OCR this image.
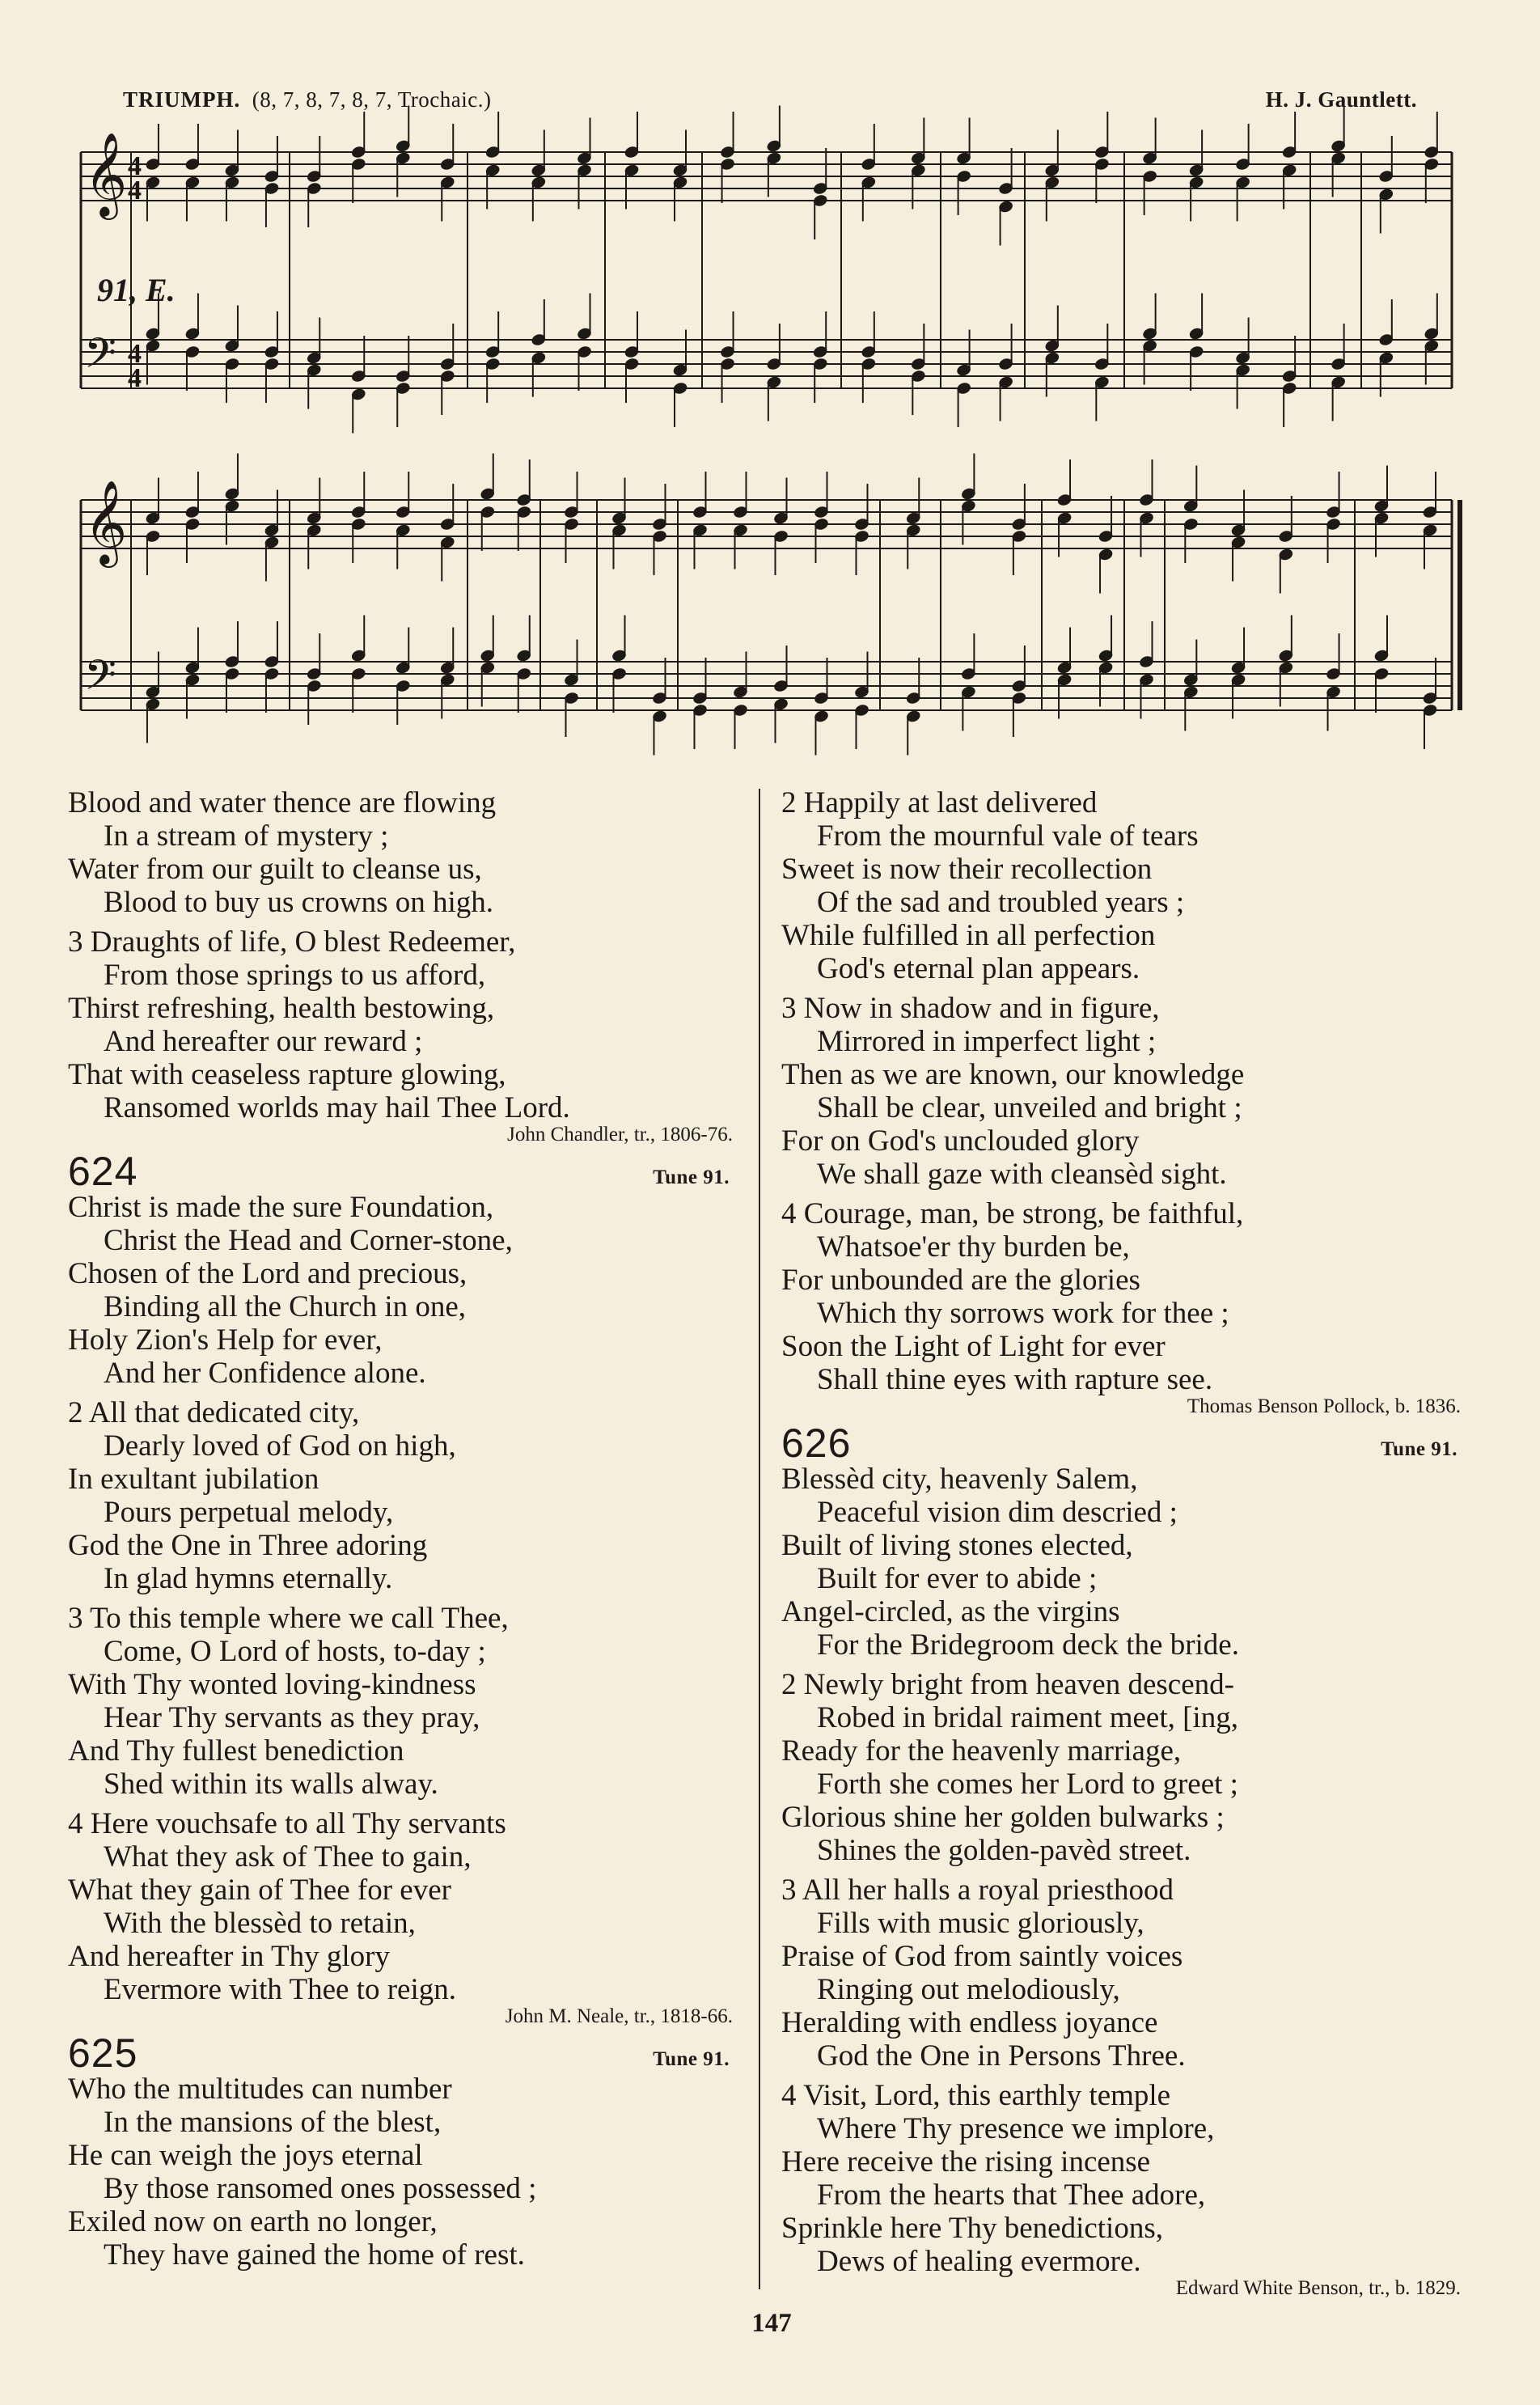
TRIUMPH. (8, 7, 8, 7, 8, 7, Trochaic.)	H. J. Gauntlett.
𝄞 4
4
𝄢 4
4
𝄞
𝄢
91, E.
Blood and water thence are flowing
In a stream of mystery ;
Water from our guilt to cleanse us,
Blood to buy us crowns on high.
3 Draughts of life, O blest Redeemer,
From those springs to us afford,
Thirst refreshing, health bestowing,
And hereafter our reward ;
That with ceaseless rapture glowing,
Ransomed worlds may hail Thee Lord.
John Chandler, tr., 1806-76.
624	Tune 91.
Christ is made the sure Foundation,
Christ the Head and Corner-stone,
Chosen of the Lord and precious,
Binding all the Church in one,
Holy Zion's Help for ever,
And her Confidence alone.
2 All that dedicated city,
Dearly loved of God on high,
In exultant jubilation
Pours perpetual melody,
God the One in Three adoring
In glad hymns eternally.
3 To this temple where we call Thee,
Come, O Lord of hosts, to-day ;
With Thy wonted loving-kindness
Hear Thy servants as they pray,
And Thy fullest benediction
Shed within its walls alway.
4 Here vouchsafe to all Thy servants
What they ask of Thee to gain,
What they gain of Thee for ever
With the blessèd to retain,
And hereafter in Thy glory
Evermore with Thee to reign.
John M. Neale, tr., 1818-66.
625	Tune 91.
Who the multitudes can number
In the mansions of the blest,
He can weigh the joys eternal
By those ransomed ones possessed ;
Exiled now on earth no longer,
They have gained the home of rest.
2 Happily at last delivered
From the mournful vale of tears
Sweet is now their recollection
Of the sad and troubled years ;
While fulfilled in all perfection
God's eternal plan appears.
3 Now in shadow and in figure,
Mirrored in imperfect light ;
Then as we are known, our knowledge
Shall be clear, unveiled and bright ;
For on God's unclouded glory
We shall gaze with cleansèd sight.
4 Courage, man, be strong, be faithful,
Whatsoe'er thy burden be,
For unbounded are the glories
Which thy sorrows work for thee ;
Soon the Light of Light for ever
Shall thine eyes with rapture see.
Thomas Benson Pollock, b. 1836.
626	Tune 91.
Blessèd city, heavenly Salem,
Peaceful vision dim descried ;
Built of living stones elected,
Built for ever to abide ;
Angel-circled, as the virgins
For the Bridegroom deck the bride.
2 Newly bright from heaven descend-
Robed in bridal raiment meet, [ing,
Ready for the heavenly marriage,
Forth she comes her Lord to greet ;
Glorious shine her golden bulwarks ;
Shines the golden-pavèd street.
3 All her halls a royal priesthood
Fills with music gloriously,
Praise of God from saintly voices
Ringing out melodiously,
Heralding with endless joyance
God the One in Persons Three.
4 Visit, Lord, this earthly temple
Where Thy presence we implore,
Here receive the rising incense
From the hearts that Thee adore,
Sprinkle here Thy benedictions,
Dews of healing evermore.
Edward White Benson, tr., b. 1829.
147
